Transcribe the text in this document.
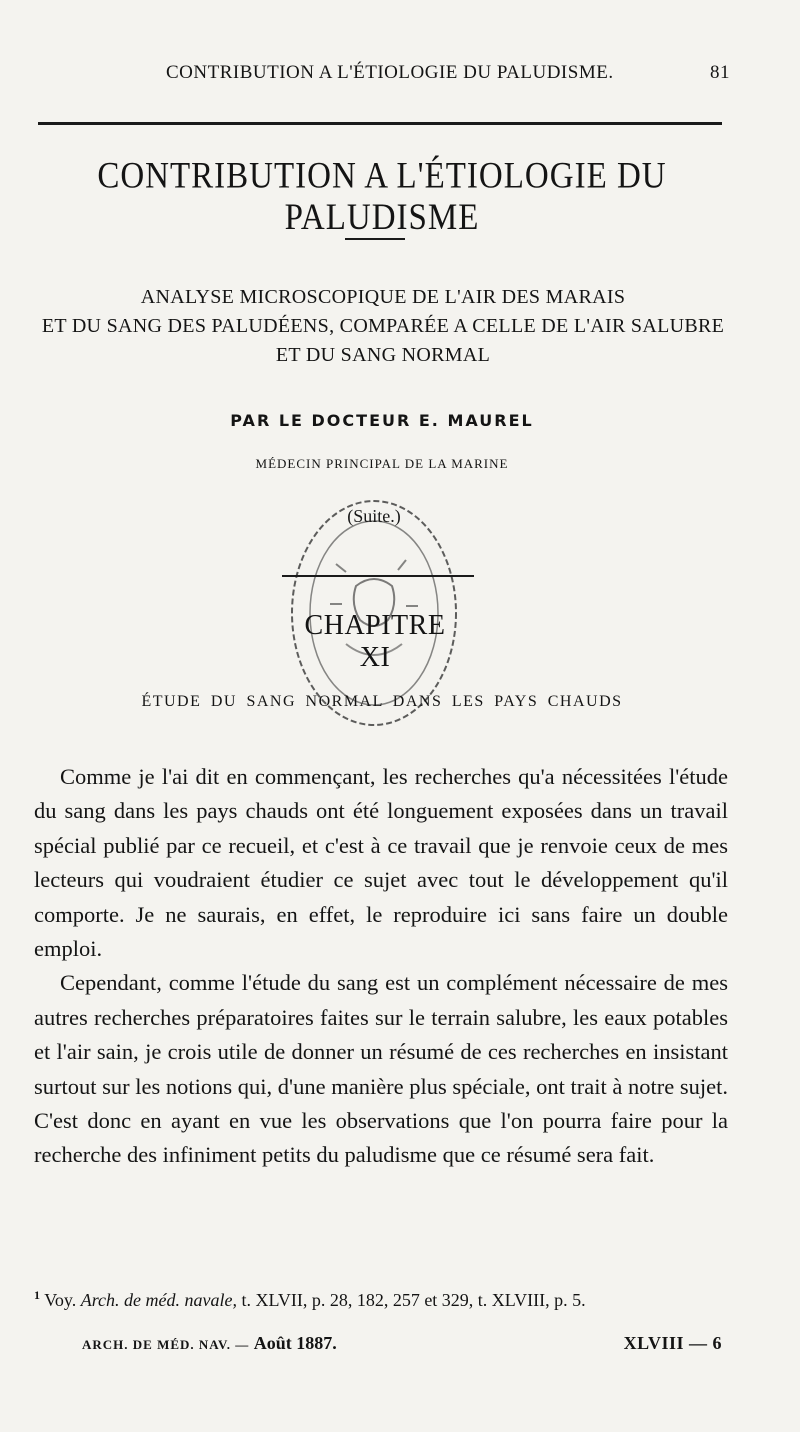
CONTRIBUTION A L'ÉTIOLOGIE DU PALUDISME.	81
CONTRIBUTION A L'ÉTIOLOGIE DU PALUDISME
ANALYSE MICROSCOPIQUE DE L'AIR DES MARAIS
ET DU SANG DES PALUDÉENS, COMPARÉE A CELLE DE L'AIR SALUBRE
ET DU SANG NORMAL
PAR LE DOCTEUR E. MAUREL
MÉDECIN PRINCIPAL DE LA MARINE
(Suite.)
CHAPITRE XI
ÉTUDE DU SANG NORMAL DANS LES PAYS CHAUDS

Comme je l'ai dit en commençant, les recherches qu'a nécessitées l'étude du sang dans les pays chauds ont été longuement exposées dans un travail spécial publié par ce recueil, et c'est à ce travail que je renvoie ceux de mes lecteurs qui voudraient étudier ce sujet avec tout le développement qu'il comporte. Je ne saurais, en effet, le reproduire ici sans faire un double emploi.

Cependant, comme l'étude du sang est un complément nécessaire de mes autres recherches préparatoires faites sur le terrain salubre, les eaux potables et l'air sain, je crois utile de donner un résumé de ces recherches en insistant surtout sur les notions qui, d'une manière plus spéciale, ont trait à notre sujet. C'est donc en ayant en vue les observations que l'on pourra faire pour la recherche des infiniment petits du paludisme que ce résumé sera fait.

$^1$ Voy. Arch. de méd. navale, t. XLVII, p. 28, 182, 257 et 329, t. XLVIII, p. 5.
ARCH. DE MÉD. NAV. — Août 1887.	XLVIII — 6
